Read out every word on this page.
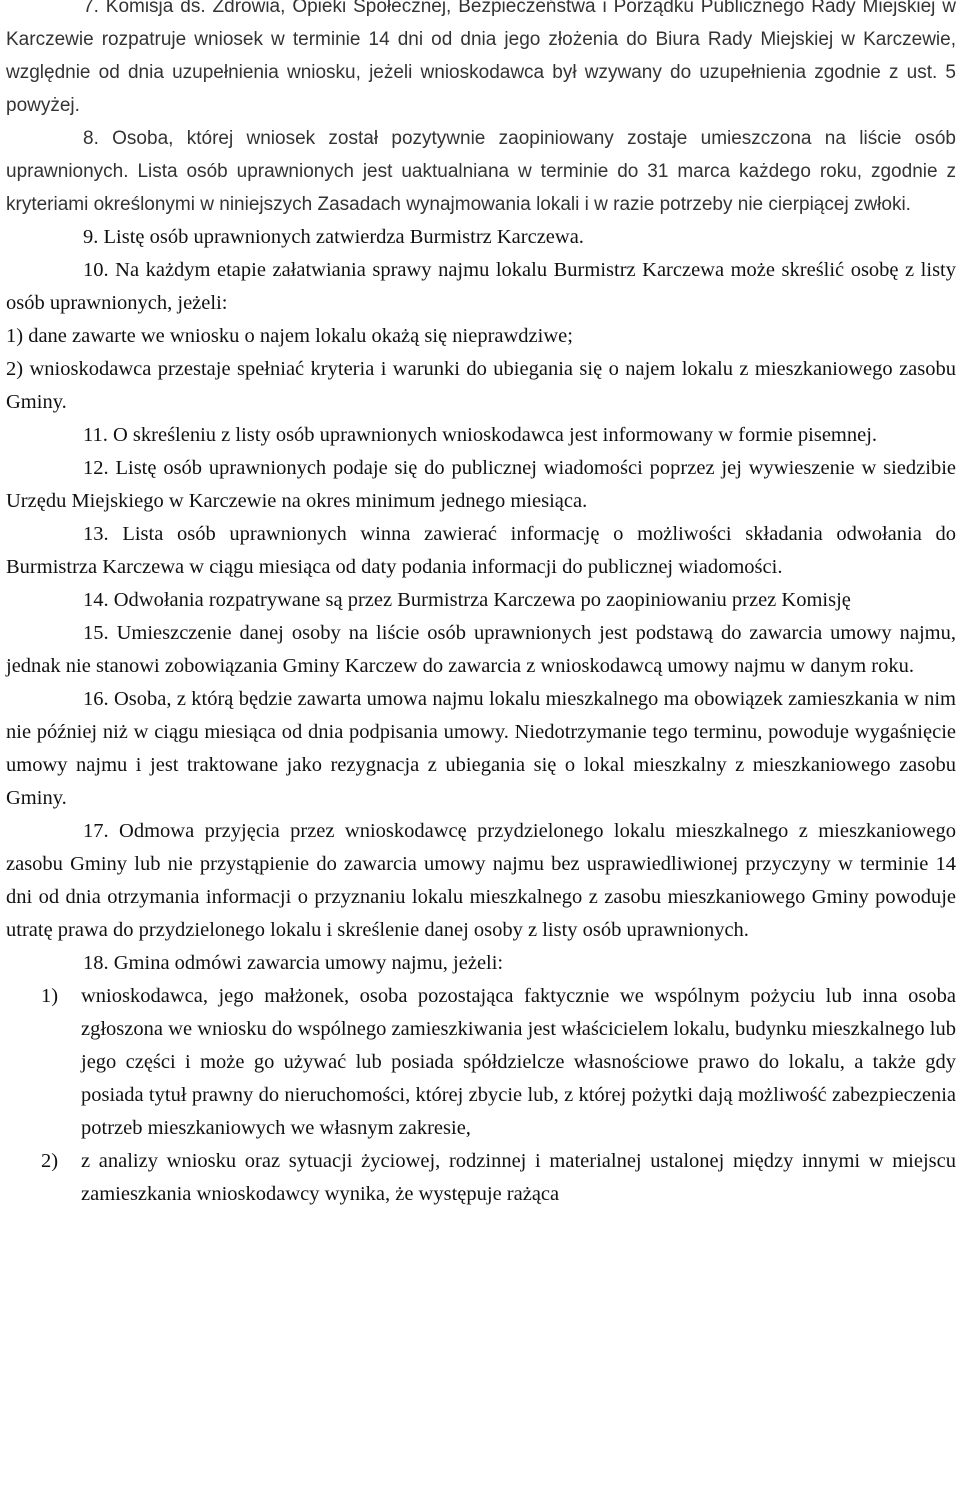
7. Komisja ds. Zdrowia, Opieki Społecznej, Bezpieczeństwa i Porządku Publicznego Rady Miejskiej w Karczewie rozpatruje wniosek w terminie 14 dni od dnia jego złożenia do Biura Rady Miejskiej w Karczewie, względnie od dnia uzupełnienia wniosku, jeżeli wnioskodawca był wzywany do uzupełnienia zgodnie z ust. 5 powyżej.

8. Osoba, której wniosek został pozytywnie zaopiniowany zostaje umieszczona na liście osób uprawnionych. Lista osób uprawnionych jest uaktualniana w terminie do 31 marca każdego roku, zgodnie z kryteriami określonymi w niniejszych Zasadach wynajmowania lokali i w razie potrzeby nie cierpiącej zwłoki.

9. Listę osób uprawnionych zatwierdza Burmistrz Karczewa.

10. Na każdym etapie załatwiania sprawy najmu lokalu Burmistrz Karczewa może skreślić osobę z listy osób uprawnionych, jeżeli:

1) dane zawarte we wniosku o najem lokalu okażą się nieprawdziwe;

2) wnioskodawca przestaje spełniać kryteria i warunki do ubiegania się o najem lokalu z mieszkaniowego zasobu Gminy.

11. O skreśleniu z listy osób uprawnionych wnioskodawca jest informowany w formie pisemnej.

12. Listę osób uprawnionych podaje się do publicznej wiadomości poprzez jej wywieszenie w siedzibie Urzędu Miejskiego w Karczewie na okres minimum jednego miesiąca.

13. Lista osób uprawnionych winna zawierać informację o możliwości składania odwołania do Burmistrza Karczewa w ciągu miesiąca od daty podania informacji do publicznej wiadomości.

14. Odwołania rozpatrywane są przez Burmistrza Karczewa po zaopiniowaniu przez Komisję

15. Umieszczenie danej osoby na liście osób uprawnionych jest podstawą do zawarcia umowy najmu, jednak nie stanowi zobowiązania Gminy Karczew do zawarcia z wnioskodawcą umowy najmu w danym roku.

16. Osoba, z którą będzie zawarta umowa najmu lokalu mieszkalnego ma obowiązek zamieszkania w nim nie później niż w ciągu miesiąca od dnia podpisania umowy. Niedotrzymanie tego terminu, powoduje wygaśnięcie umowy najmu i jest traktowane jako rezygnacja z ubiegania się o lokal mieszkalny z mieszkaniowego zasobu Gminy.

17. Odmowa przyjęcia przez wnioskodawcę przydzielonego lokalu mieszkalnego z mieszkaniowego zasobu Gminy lub nie przystąpienie do zawarcia umowy najmu bez usprawiedliwionej przyczyny w terminie 14 dni od dnia otrzymania informacji o przyznaniu lokalu mieszkalnego z zasobu mieszkaniowego Gminy powoduje utratę prawa do przydzielonego lokalu i skreślenie danej osoby z listy osób uprawnionych.

18. Gmina odmówi zawarcia umowy najmu, jeżeli:

1) wnioskodawca, jego małżonek, osoba pozostająca faktycznie we wspólnym pożyciu lub inna osoba zgłoszona we wniosku do wspólnego zamieszkiwania jest właścicielem lokalu, budynku mieszkalnego lub jego części i może go używać lub posiada spółdzielcze własnościowe prawo do lokalu, a także gdy posiada tytuł prawny do nieruchomości, której zbycie lub, z której pożytki dają możliwość zabezpieczenia potrzeb mieszkaniowych we własnym zakresie,
2) z analizy wniosku oraz sytuacji życiowej, rodzinnej i materialnej ustalonej między innymi w miejscu zamieszkania wnioskodawcy wynika, że występuje rażąca
